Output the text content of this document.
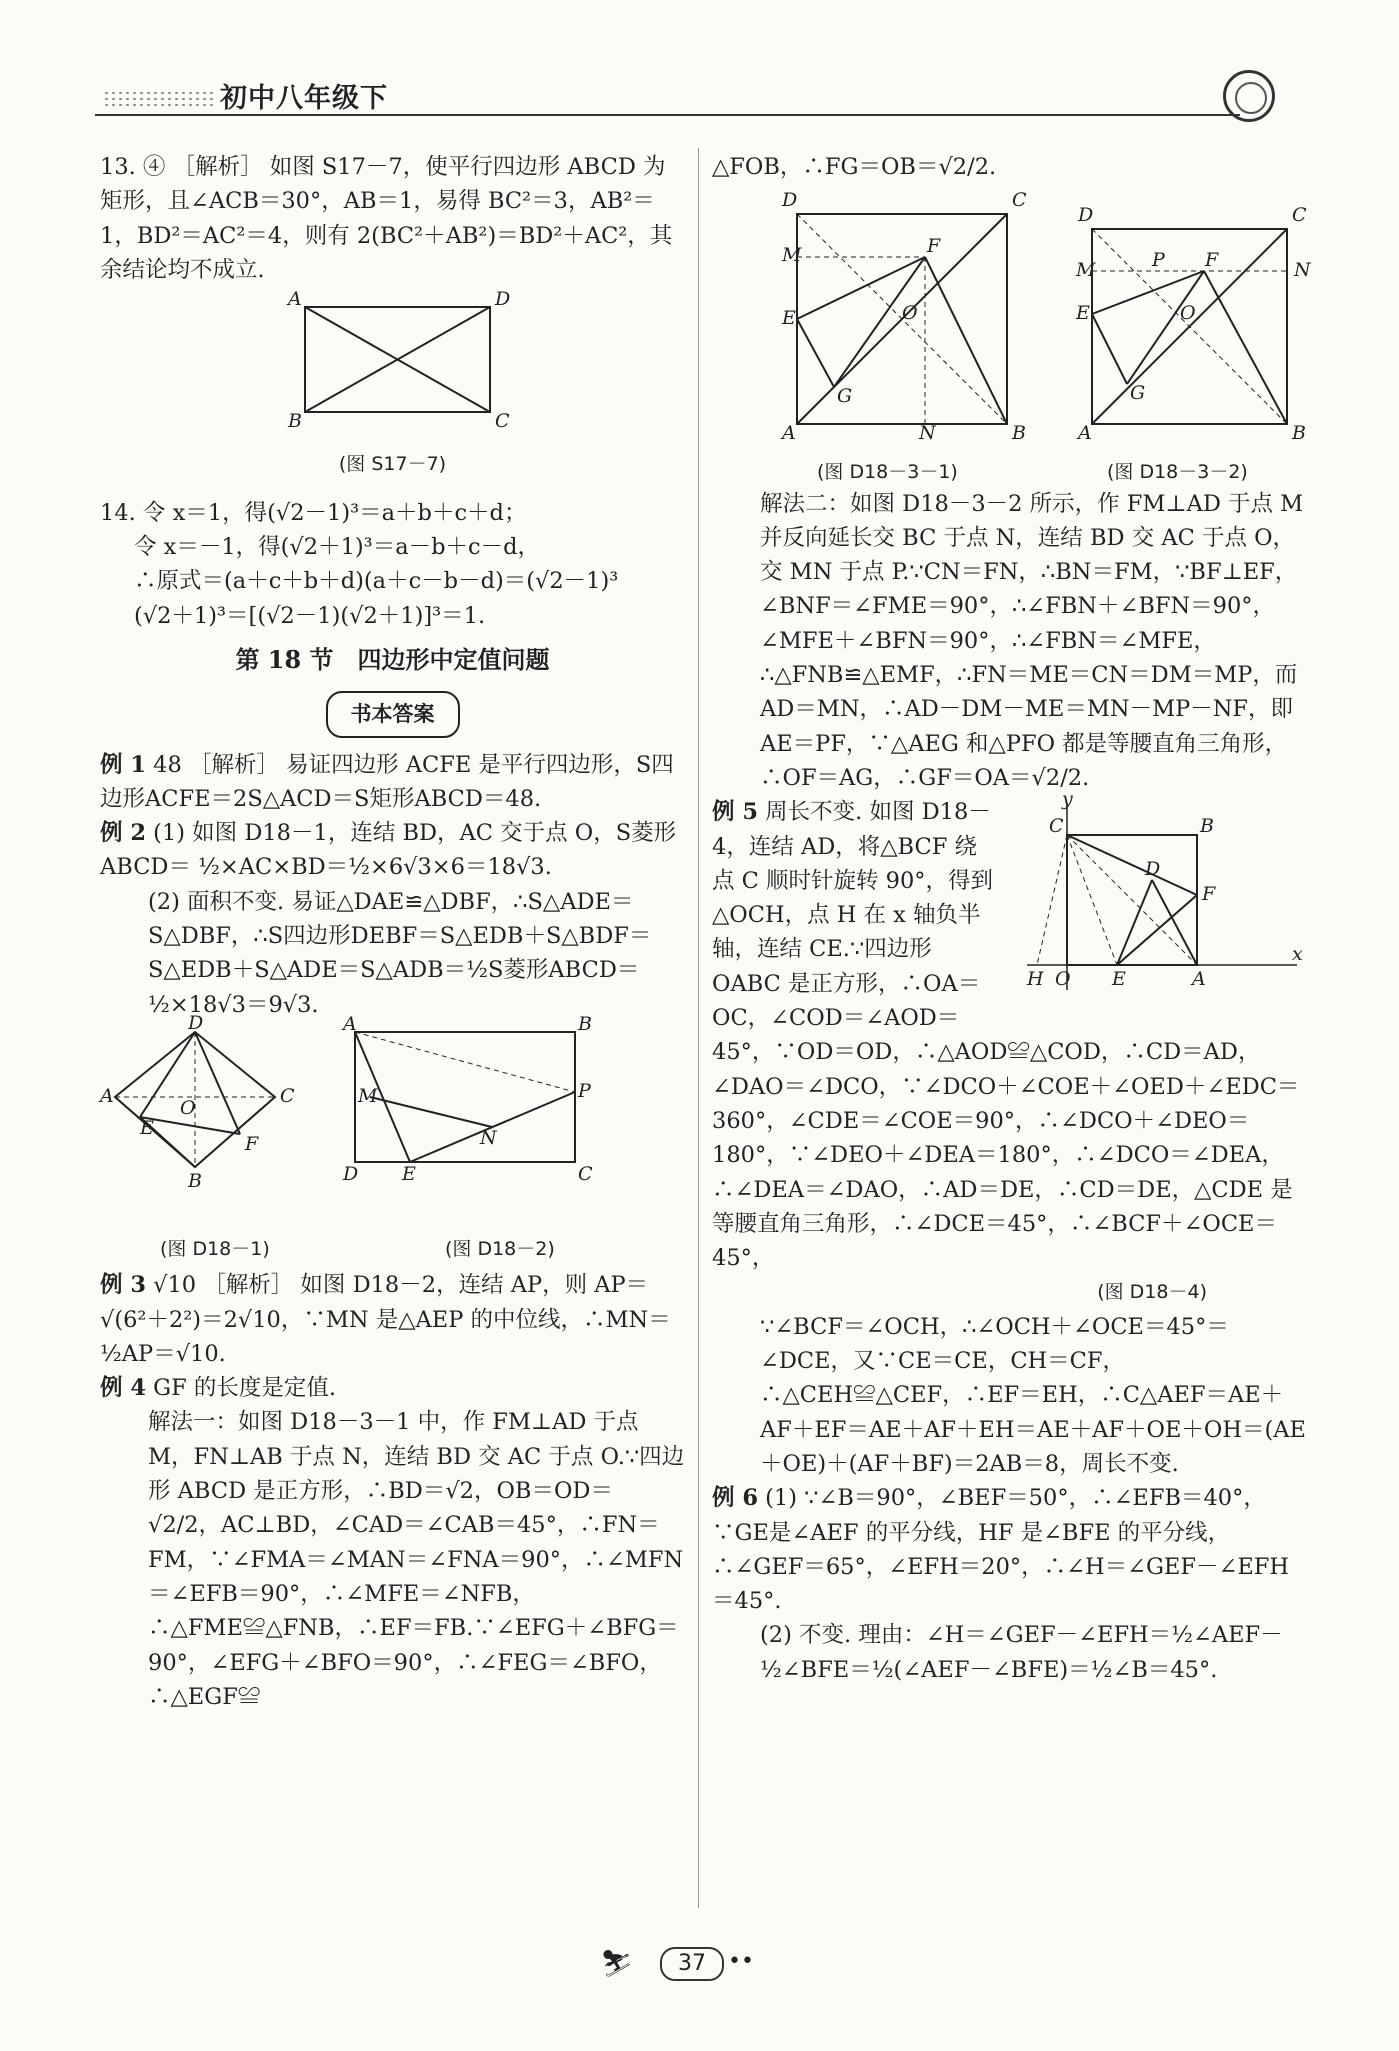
初中八年级下

13. ④ ［解析］ 如图 S17－7，使平行四边形 ABCD 为矩形，且∠ACB＝30°，AB＝1，易得 BC²＝3，AB²＝1，BD²＝AC²＝4，则有 2(BC²＋AB²)＝BD²＋AC²，其余结论均不成立.

A	D
B	C

(图 S17－7)

14. 令 x＝1，得(√2－1)³＝a＋b＋c＋d；

令 x＝－1，得(√2＋1)³＝a－b＋c－d，

∴原式＝(a＋c＋b＋d)(a＋c－b－d)＝(√2－1)³

(√2＋1)³＝[(√2－1)(√2＋1)]³＝1.

第 18 节　四边形中定值问题

书本答案

例 1 48 ［解析］ 易证四边形 ACFE 是平行四边形，S四边形ACFE＝2S△ACD＝S矩形ABCD＝48.

例 2 (1) 如图 D18－1，连结 BD，AC 交于点 O，S菱形ABCD＝ ½×AC×BD＝½×6√3×6＝18√3.

(2) 面积不变. 易证△DAE≌△DBF，∴S△ADE＝S△DBF，∴S四边形DEBF＝S△EDB＋S△BDF＝S△EDB＋S△ADE＝S△ADB＝½S菱形ABCD＝½×18√3＝9√3.

A
D
C
B
E
F
O
A	B
D	C
E
P
M
N
(图 D18－1)	(图 D18－2)

例 3 √10 ［解析］ 如图 D18－2，连结 AP，则 AP＝√(6²＋2²)＝2√10，∵MN 是△AEP 的中位线，∴MN＝½AP＝√10.

例 4 GF 的长度是定值.

解法一：如图 D18－3－1 中，作 FM⊥AD 于点 M，FN⊥AB 于点 N，连结 BD 交 AC 于点 O.∵四边形 ABCD 是正方形，∴BD＝√2，OB＝OD＝√2/2，AC⊥BD，∠CAD＝∠CAB＝45°，∴FN＝FM，∵∠FMA＝∠MAN＝∠FNA＝90°，∴∠MFN＝∠EFB＝90°，∴∠MFE＝∠NFB，∴△FME≌△FNB，∴EF＝FB.∵∠EFG＋∠BFG＝90°，∠EFG＋∠BFO＝90°，∴∠FEG＝∠BFO，∴△EGF≌

△FOB，∴FG＝OB＝√2/2.

D	C
M
E
F
O
G
A	N	B
D	C
M	N
P F
O
E
G
A	B
(图 D18－3－1)	(图 D18－3－2)

解法二：如图 D18－3－2 所示，作 FM⊥AD 于点 M 并反向延长交 BC 于点 N，连结 BD 交 AC 于点 O，交 MN 于点 P.∵CN＝FN，∴BN＝FM，∵BF⊥EF，∠BNF＝∠FME＝90°，∴∠FBN＋∠BFN＝90°，∠MFE＋∠BFN＝90°，∴∠FBN＝∠MFE，∴△FNB≌△EMF，∴FN＝ME＝CN＝DM＝MP，而 AD＝MN，∴AD－DM－ME＝MN－MP－NF，即 AE＝PF，∵△AEG 和△PFO 都是等腰直角三角形，∴OF＝AG，∴GF＝OA＝√2/2.

y
x
C	B
D
F
H O E	A

例 5 周长不变. 如图 D18－4，连结 AD，将△BCF 绕点 C 顺时针旋转 90°，得到△OCH，点 H 在 x 轴负半轴，连结 CE.∵四边形 OABC 是正方形，∴OA＝OC，∠COD＝∠AOD＝45°，∵OD＝OD，∴△AOD≌△COD，∴CD＝AD，∠DAO＝∠DCO，∵∠DCO＋∠COE＋∠OED＋∠EDC＝360°，∠CDE＝∠COE＝90°，∴∠DCO＋∠DEO＝180°，∵∠DEO＋∠DEA＝180°，∴∠DCO＝∠DEA，∴∠DEA＝∠DAO，∴AD＝DE，∴CD＝DE，△CDE 是等腰直角三角形，∴∠DCE＝45°，∴∠BCF＋∠OCE＝45°，

(图 D18－4)

∵∠BCF＝∠OCH，∴∠OCH＋∠OCE＝45°＝∠DCE，又∵CE＝CE，CH＝CF，∴△CEH≌△CEF，∴EF＝EH，∴C△AEF＝AE＋AF＋EF＝AE＋AF＋EH＝AE＋AF＋OE＋OH＝(AE＋OE)＋(AF＋BF)＝2AB＝8，周长不变.

例 6 (1) ∵∠B＝90°，∠BEF＝50°，∴∠EFB＝40°，∵GE是∠AEF 的平分线，HF 是∠BFE 的平分线，∴∠GEF＝65°，∠EFH＝20°，∴∠H＝∠GEF－∠EFH＝45°.

(2) 不变. 理由：∠H＝∠GEF－∠EFH＝½∠AEF－½∠BFE＝½(∠AEF－∠BFE)＝½∠B＝45°.

⛷	37	••
